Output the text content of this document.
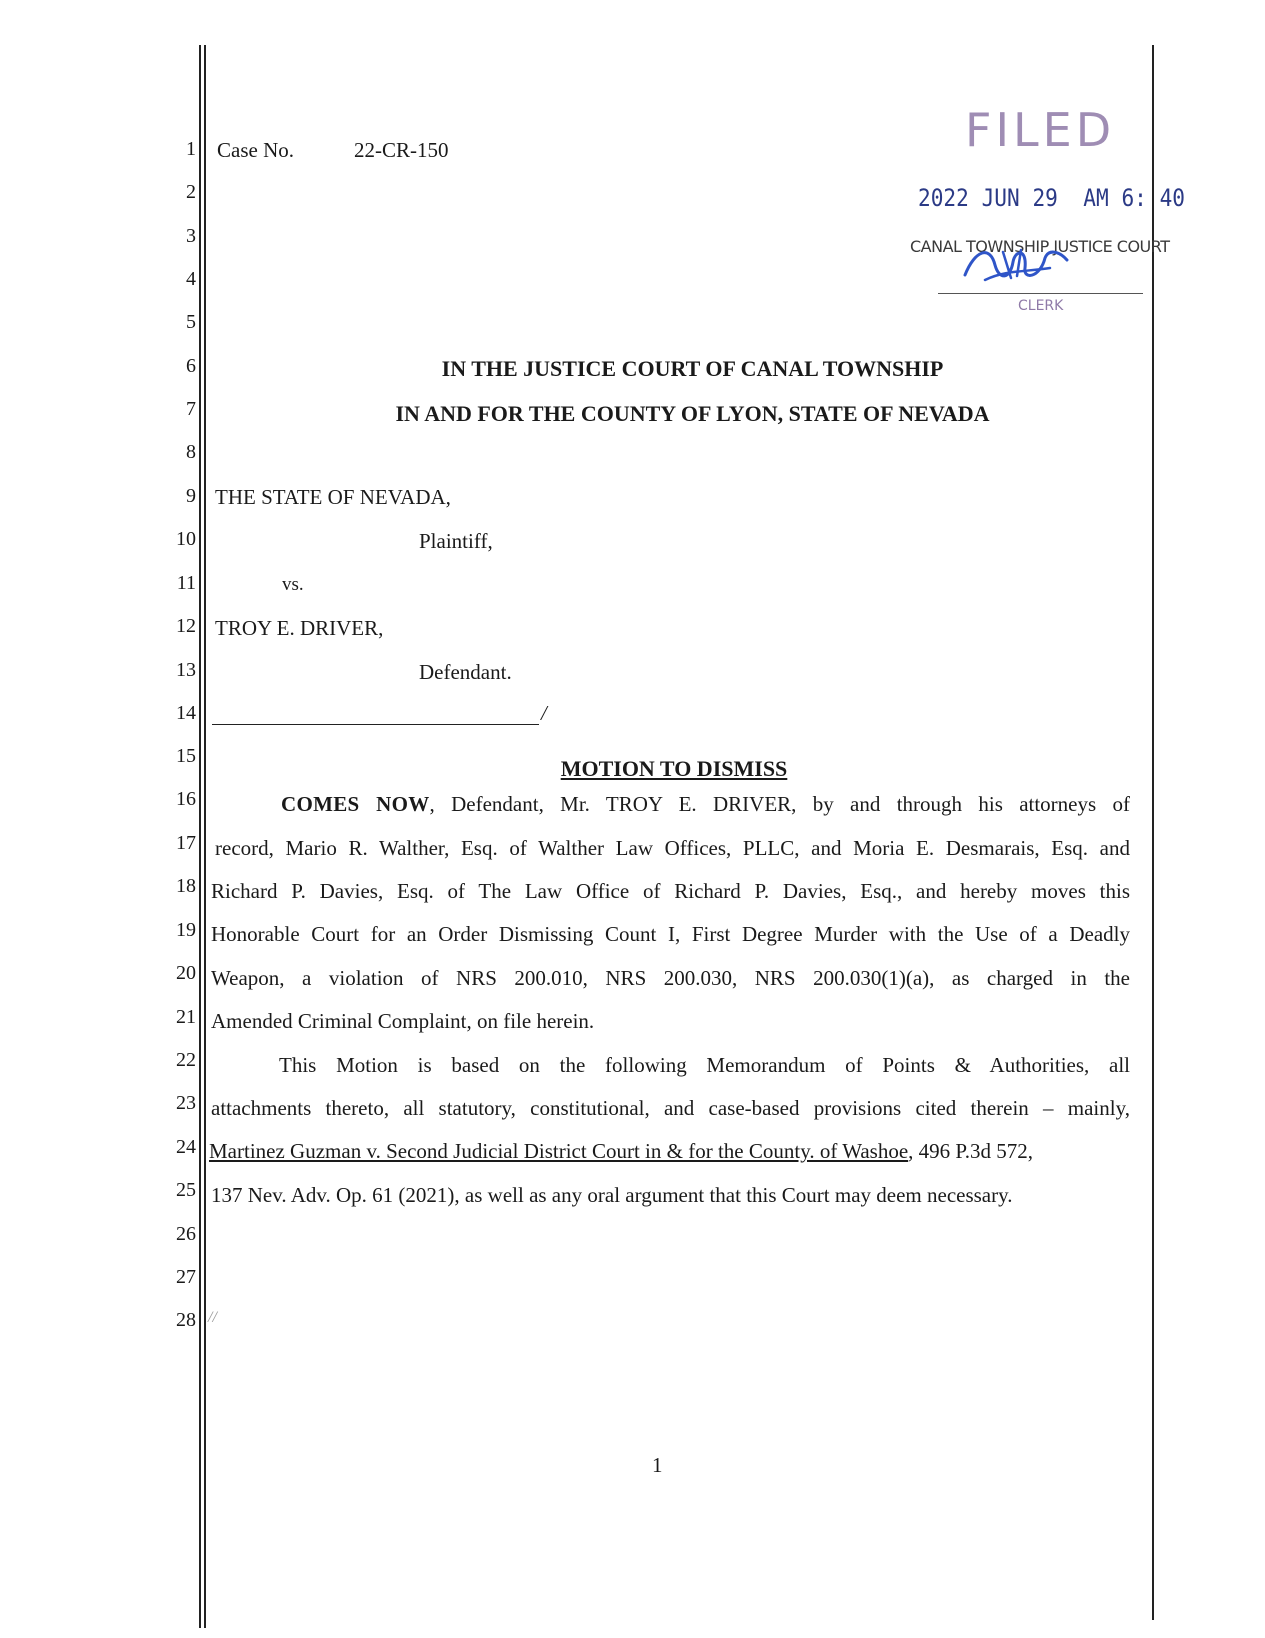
1
2
3
4
5
6
7
8
9
10
11
12
13
14
15
16
17
18
19
20
21
22
23
24
25
26
27
28
Case No.	22-CR-150	FILED
2022 JUN 29  AM 6: 40
CANAL TOWNSHIP JUSTICE COURT
CLERK
IN THE JUSTICE COURT OF CANAL TOWNSHIP
IN AND FOR THE COUNTY OF LYON, STATE OF NEVADA
THE STATE OF NEVADA,
Plaintiff,
vs.
TROY E. DRIVER,
Defendant.
/
MOTION TO DISMISS
COMES NOW, Defendant, Mr. TROY E. DRIVER, by and through his attorneys of
record, Mario R. Walther, Esq. of Walther Law Offices, PLLC, and Moria E. Desmarais, Esq. and
Richard P. Davies, Esq. of The Law Office of Richard P. Davies, Esq., and hereby moves this
Honorable Court for an Order Dismissing Count I, First Degree Murder with the Use of a Deadly
Weapon, a violation of NRS 200.010, NRS 200.030, NRS 200.030(1)(a), as charged in the
Amended Criminal Complaint, on file herein.
This Motion is based on the following Memorandum of Points & Authorities, all
attachments thereto, all statutory, constitutional, and case-based provisions cited therein – mainly,
Martinez Guzman v. Second Judicial District Court in & for the County. of Washoe, 496 P.3d 572,
137 Nev. Adv. Op. 61 (2021), as well as any oral argument that this Court may deem necessary.
//
1
